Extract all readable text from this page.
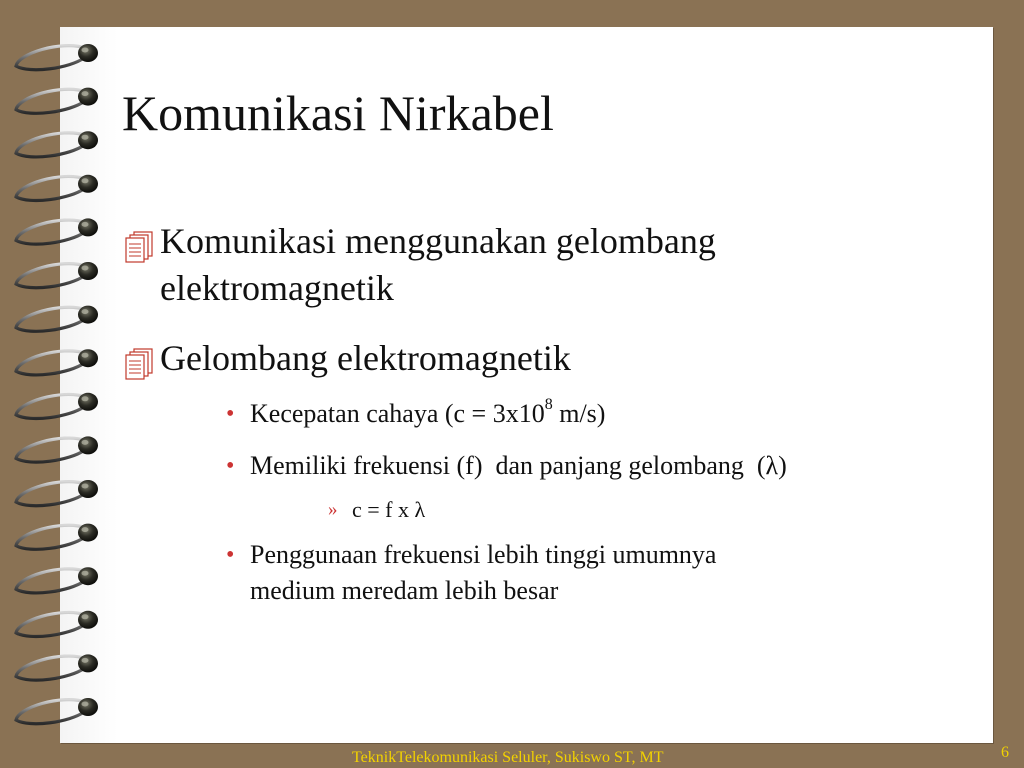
Komunikasi Nirkabel
Komunikasi menggunakan gelombang
elektromagnetik
Gelombang elektromagnetik
• Kecepatan cahaya ($c = 3x10^8$ m/s)
• Memiliki frekuensi (f)  dan panjang gelombang  (λ)
» c = f x λ
• Penggunaan frekuensi lebih tinggi umumnya
medium meredam lebih besar
TeknikTelekomunikasi Seluler, Sukiswo ST, MT	6
